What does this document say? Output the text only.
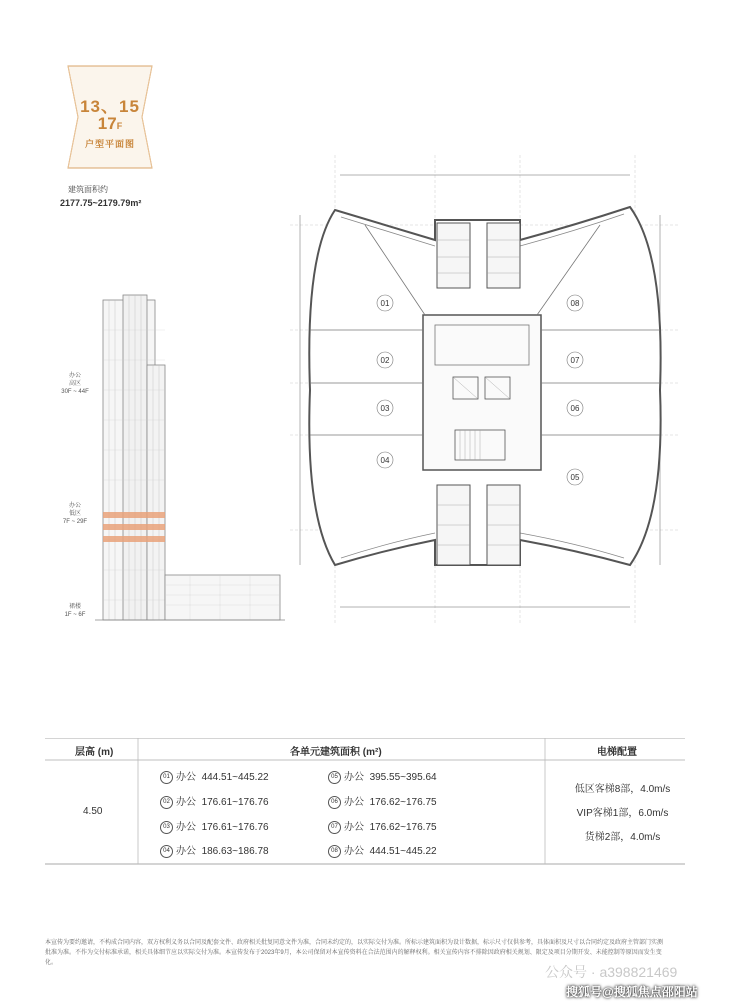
13、15
17F
户型平面图
建筑面积约
2177.75~2179.79m²
办公
高区
30F ~ 44F
办公
低区
7F ~ 29F
裙楼
1F ~ 6F
01
02
03
04
05
06
07
08
层高 (m)	各单元建筑面积 (m²)	电梯配置
4.50
01 办公 444.51~445.22
02 办公 176.61~176.76
03 办公 176.61~176.76
04 办公 186.63~186.78
05 办公 395.55~395.64
06 办公 176.62~176.75
07 办公 176.62~176.75
08 办公 444.51~445.22
低区客梯8部，4.0m/s
VIP客梯1部，6.0m/s
货梯2部，4.0m/s
本宣传为要约邀请，不构成合同内容，双方权利义务以合同及配套文件、政府相关批复同意文件为准，合同未约定的，以实际交付为准。所标示建筑面积为设计数据，标示尺寸仅供参考，具体面积及尺寸以合同约定及政府主管部门实测批准为准。不作为交付标准承诺，相关具体细节应以实际交付为准。本宣传发布于2023年9月，本公司保留对本宣传资料在合法范围内的解释权利。相关宣传内容不排除因政府相关规划、限定及项目分期开发、未能控制等原因而发生变化。
公众号 · a398821469
搜狐号@搜狐焦点邵阳站
